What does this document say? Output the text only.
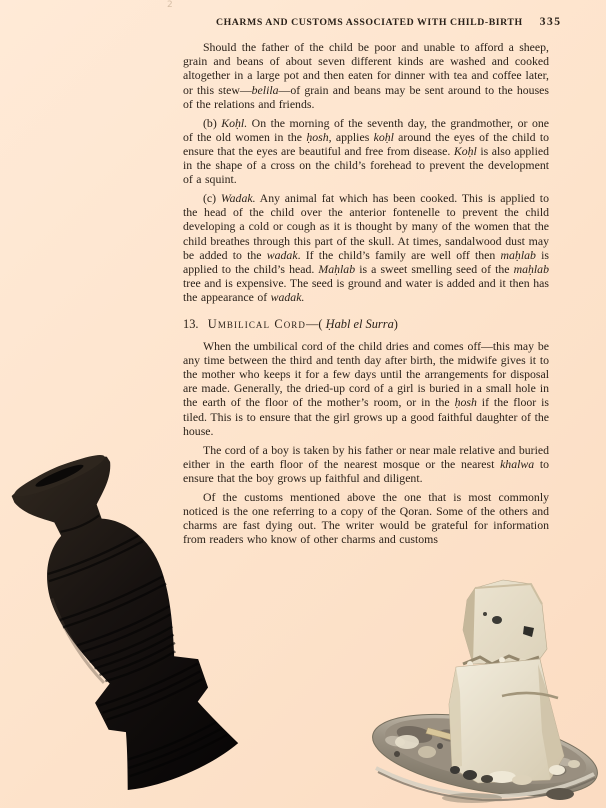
2
CHARMS AND CUSTOMS ASSOCIATED WITH CHILD-BIRTH 335

Should the father of the child be poor and unable to afford a sheep, grain and beans of about seven different kinds are washed and cooked altogether in a large pot and then eaten for dinner with tea and coffee later, or this stew—belila—of grain and beans may be sent around to the houses of the relations and friends.

(b) Koḥl. On the morning of the seventh day, the grandmother, or one of the old women in the ḥosh, applies koḥl around the eyes of the child to ensure that the eyes are beautiful and free from disease. Koḥl is also applied in the shape of a cross on the child’s forehead to prevent the development of a squint.

(c) Wadak. Any animal fat which has been cooked. This is applied to the head of the child over the anterior fontenelle to prevent the child developing a cold or cough as it is thought by many of the women that the child breathes through this part of the skull. At times, sandalwood dust may be added to the wadak. If the child’s family are well off then maḥlab is applied to the child’s head. Maḥlab is a sweet smelling seed of the maḥlab tree and is expensive. The seed is ground and water is added and it then has the appearance of wadak.

13.   Umbilical Cord—( Ḥabl el Surra)

When the umbilical cord of the child dries and comes off—this may be any time between the third and tenth day after birth, the midwife gives it to the mother who keeps it for a few days until the arrangements for disposal are made. Generally, the dried-up cord of a girl is buried in a small hole in the earth of the floor of the mother’s room, or in the ḥosh if the floor is tiled. This is to ensure that the girl grows up a good faithful daughter of the house.

The cord of a boy is taken by his father or near male relative and buried either in the earth floor of the nearest mosque or the nearest khalwa to ensure that the boy grows up faithful and diligent.

Of the customs mentioned above the one that is most commonly noticed is the one referring to a copy of the Qoran. Some of the others and charms are fast dying out. The writer would be grateful for information from readers who know of other charms and customs
